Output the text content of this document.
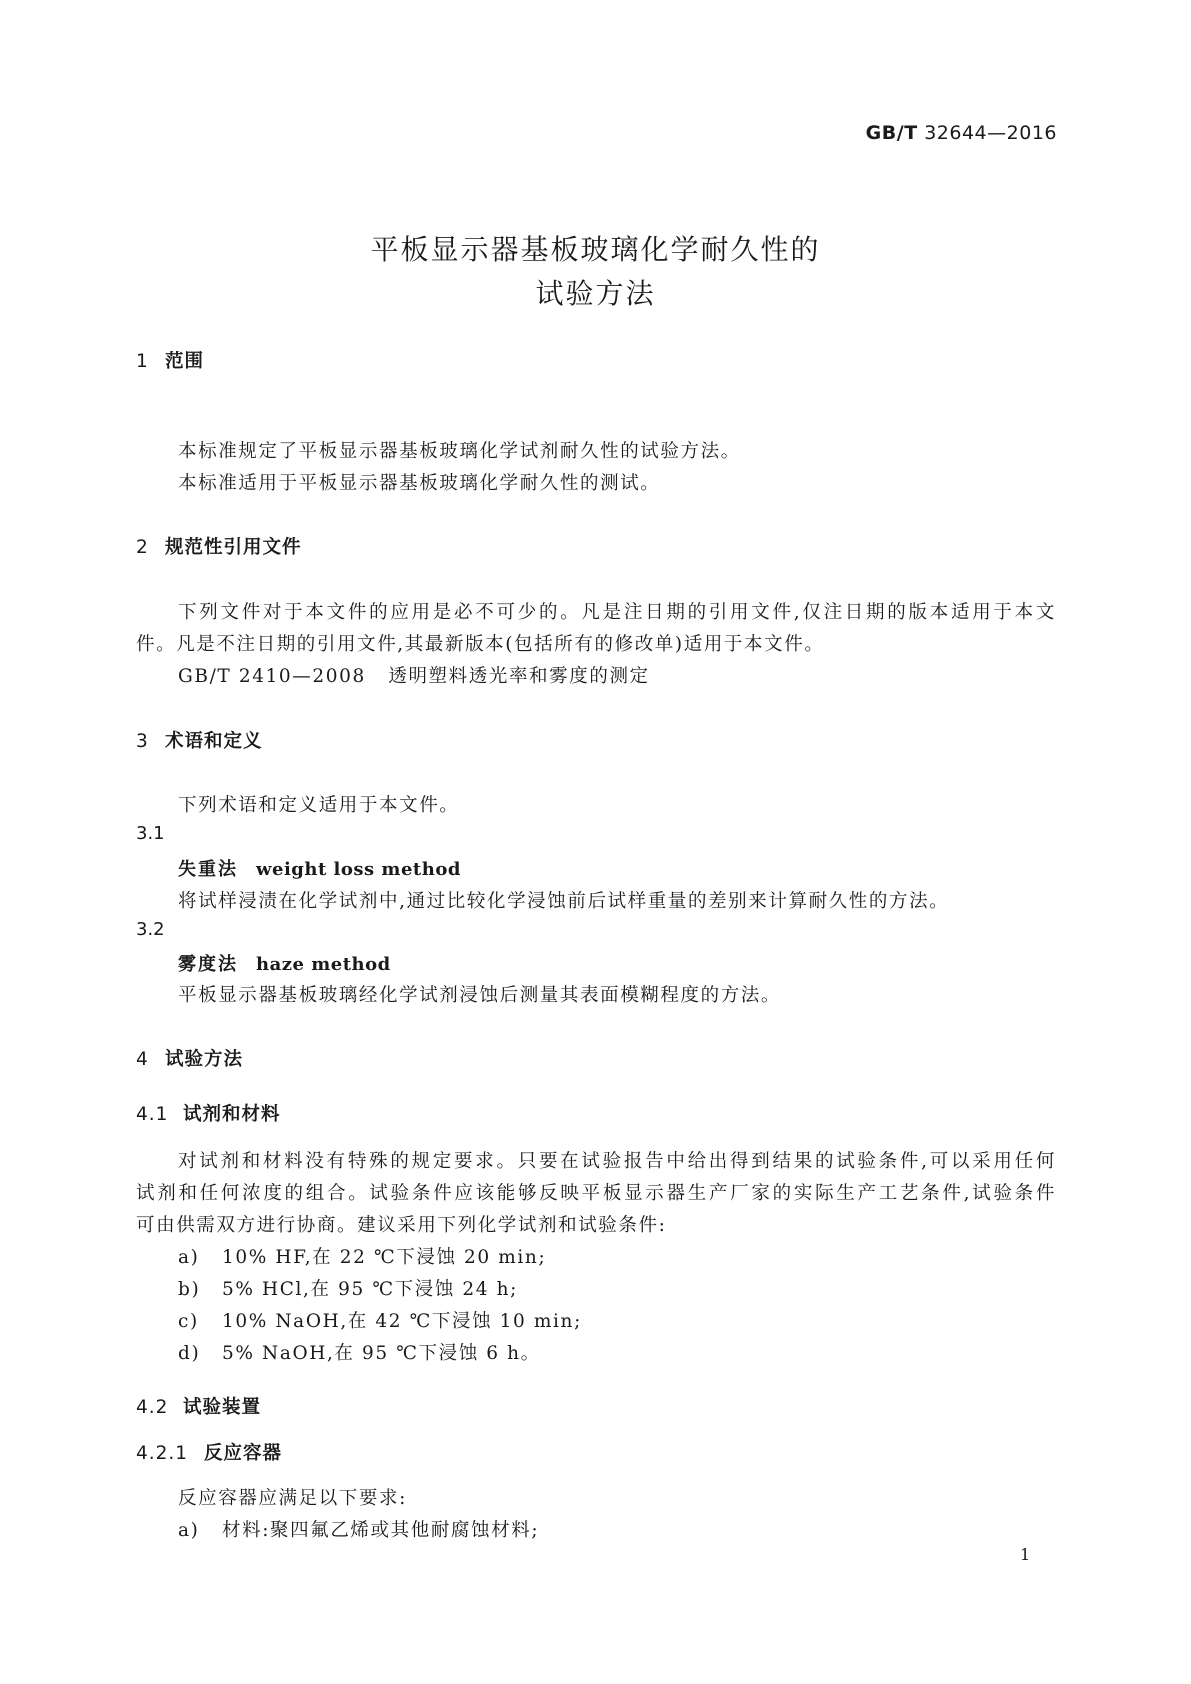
GB/T 32644—2016
平板显示器基板玻璃化学耐久性的
试验方法
1 范围
本标准规定了平板显示器基板玻璃化学试剂耐久性的试验方法。
本标准适用于平板显示器基板玻璃化学耐久性的测试。
2 规范性引用文件
下列文件对于本文件的应用是必不可少的。凡是注日期的引用文件,仅注日期的版本适用于本文
件。凡是不注日期的引用文件,其最新版本(包括所有的修改单)适用于本文件。
GB/T 2410—2008 透明塑料透光率和雾度的测定
3 术语和定义
下列术语和定义适用于本文件。
3.1
失重法 weight loss method
将试样浸渍在化学试剂中,通过比较化学浸蚀前后试样重量的差别来计算耐久性的方法。
3.2
雾度法 haze method
平板显示器基板玻璃经化学试剂浸蚀后测量其表面模糊程度的方法。
4 试验方法
4.1 试剂和材料
对试剂和材料没有特殊的规定要求。只要在试验报告中给出得到结果的试验条件,可以采用任何
试剂和任何浓度的组合。试验条件应该能够反映平板显示器生产厂家的实际生产工艺条件,试验条件
可由供需双方进行协商。建议采用下列化学试剂和试验条件:
a) 10% HF,在 22 ℃下浸蚀 20 min;
b) 5% HCl,在 95 ℃下浸蚀 24 h;
c) 10% NaOH,在 42 ℃下浸蚀 10 min;
d) 5% NaOH,在 95 ℃下浸蚀 6 h。
4.2 试验装置
4.2.1 反应容器
反应容器应满足以下要求:
a) 材料:聚四氟乙烯或其他耐腐蚀材料;
1
